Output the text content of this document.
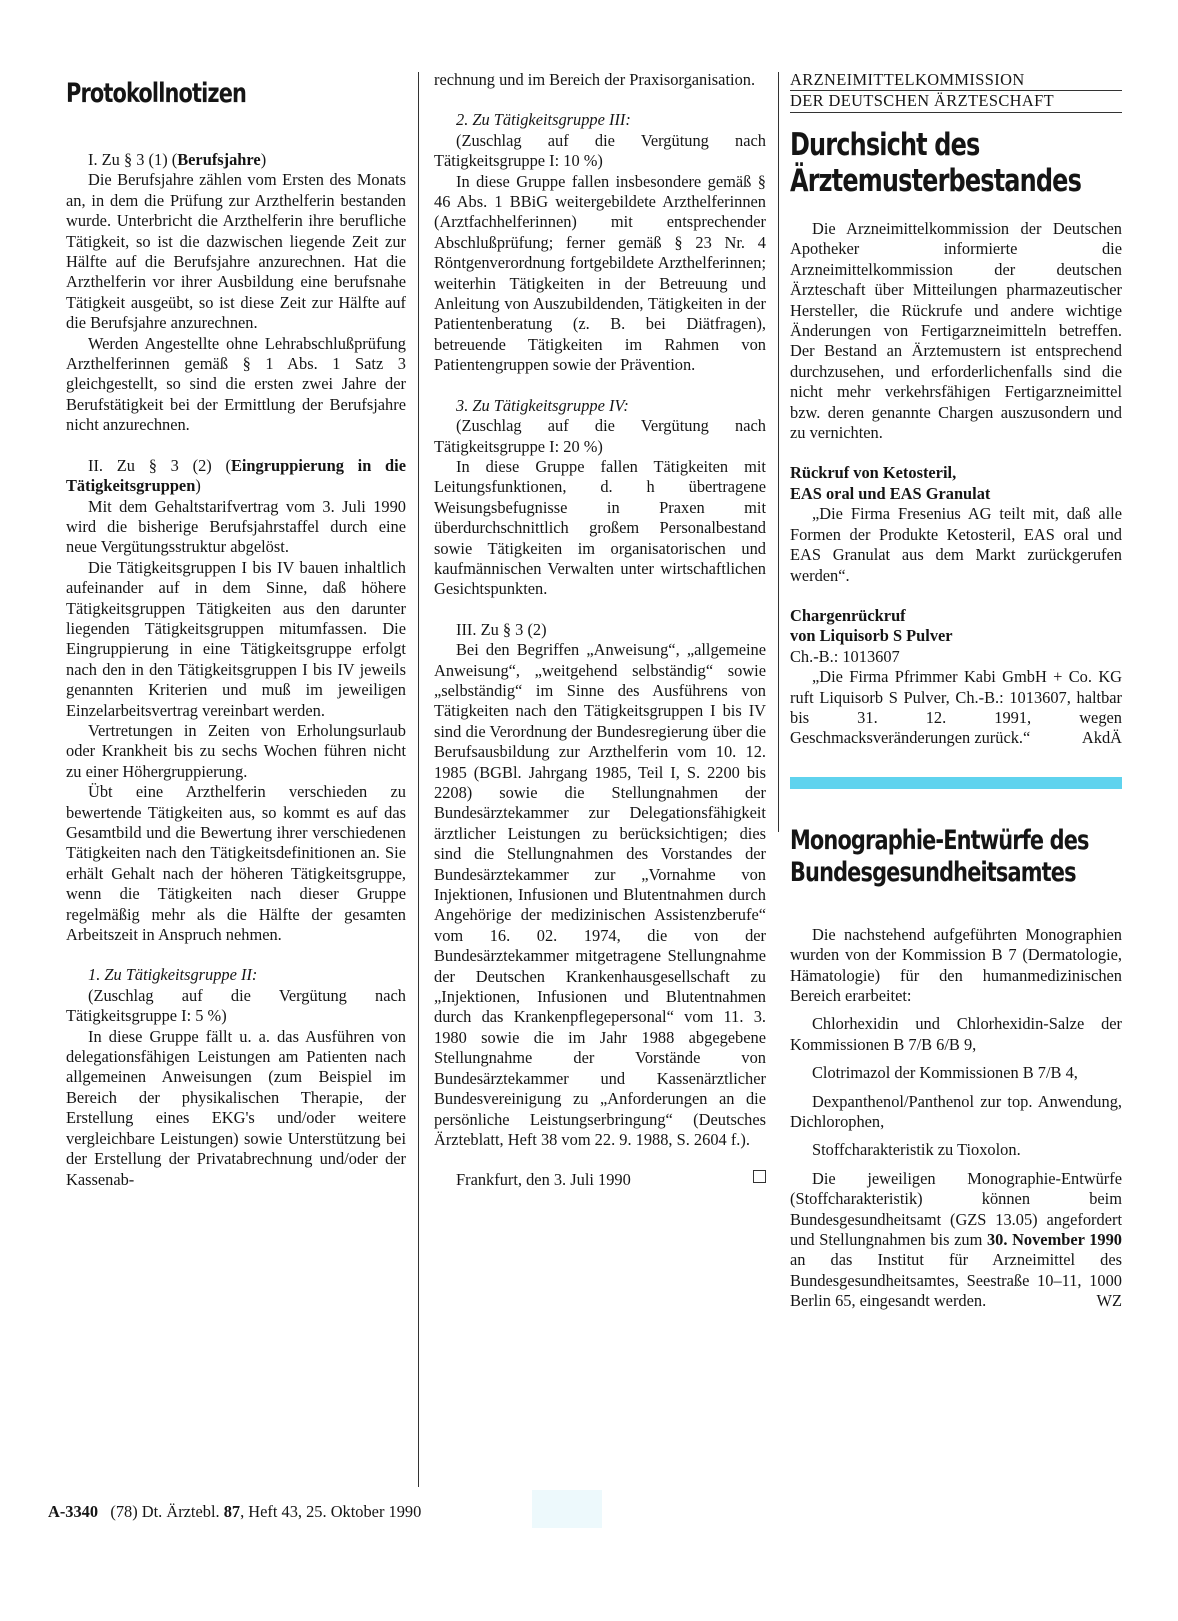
Protokollnotizen

I. Zu § 3 (1) (Berufsjahre)

Die Berufsjahre zählen vom Ersten des Monats an, in dem die Prüfung zur Arzthelferin bestanden wurde. Unterbricht die Arzthelferin ihre berufliche Tätigkeit, so ist die dazwischen liegende Zeit zur Hälfte auf die Berufsjahre anzurechnen. Hat die Arzthelferin vor ihrer Ausbildung eine berufsnahe Tätigkeit ausgeübt, so ist diese Zeit zur Hälfte auf die Berufsjahre anzurechnen.

Werden Angestellte ohne Lehrabschlußprüfung Arzthelferinnen gemäß § 1 Abs. 1 Satz 3 gleichgestellt, so sind die ersten zwei Jahre der Berufstätigkeit bei der Ermittlung der Berufsjahre nicht anzurechnen.

II. Zu § 3 (2) (Eingruppierung in die Tätigkeitsgruppen)

Mit dem Gehaltstarifvertrag vom 3. Juli 1990 wird die bisherige Berufsjahrstaffel durch eine neue Vergütungsstruktur abgelöst.

Die Tätigkeitsgruppen I bis IV bauen inhaltlich aufeinander auf in dem Sinne, daß höhere Tätigkeitsgruppen Tätigkeiten aus den darunter liegenden Tätigkeitsgruppen mitumfassen. Die Eingruppierung in eine Tätigkeitsgruppe erfolgt nach den in den Tätigkeitsgruppen I bis IV jeweils genannten Kriterien und muß im jeweiligen Einzelarbeitsvertrag vereinbart werden.

Vertretungen in Zeiten von Erholungsurlaub oder Krankheit bis zu sechs Wochen führen nicht zu einer Höhergruppierung.

Übt eine Arzthelferin verschieden zu bewertende Tätigkeiten aus, so kommt es auf das Gesamtbild und die Bewertung ihrer verschiedenen Tätigkeiten nach den Tätigkeitsdefinitionen an. Sie erhält Gehalt nach der höheren Tätigkeitsgruppe, wenn die Tätigkeiten nach dieser Gruppe regelmäßig mehr als die Hälfte der gesamten Arbeitszeit in Anspruch nehmen.

1. Zu Tätigkeitsgruppe II:

(Zuschlag auf die Vergütung nach Tätigkeitsgruppe I: 5 %)

In diese Gruppe fällt u. a. das Ausführen von delegationsfähigen Leistungen am Patienten nach allgemeinen Anweisungen (zum Beispiel im Bereich der physikalischen Therapie, der Erstellung eines EKG's und/oder weitere vergleichbare Leistungen) sowie Unterstützung bei der Erstellung der Privatabrechnung und/oder der Kassenab-

rechnung und im Bereich der Praxisorganisation.

2. Zu Tätigkeitsgruppe III:

(Zuschlag auf die Vergütung nach Tätigkeitsgruppe I: 10 %)

In diese Gruppe fallen insbesondere gemäß § 46 Abs. 1 BBiG weitergebildete Arzthelferinnen (Arztfachhelferinnen) mit entsprechender Abschlußprüfung; ferner gemäß § 23 Nr. 4 Röntgenverordnung fortgebildete Arzthelferinnen; weiterhin Tätigkeiten in der Betreuung und Anleitung von Auszubildenden, Tätigkeiten in der Patientenberatung (z. B. bei Diätfragen), betreuende Tätigkeiten im Rahmen von Patientengruppen sowie der Prävention.

3. Zu Tätigkeitsgruppe IV:

(Zuschlag auf die Vergütung nach Tätigkeitsgruppe I: 20 %)

In diese Gruppe fallen Tätigkeiten mit Leitungsfunktionen, d. h übertragene Weisungsbefugnisse in Praxen mit überdurchschnittlich großem Personalbestand sowie Tätigkeiten im organisatorischen und kaufmännischen Verwalten unter wirtschaftlichen Gesichtspunkten.

III. Zu § 3 (2)

Bei den Begriffen „Anweisung“, „allgemeine Anweisung“, „weitgehend selbständig“ sowie „selbständig“ im Sinne des Ausführens von Tätigkeiten nach den Tätigkeitsgruppen I bis IV sind die Verordnung der Bundesregierung über die Berufsausbildung zur Arzthelferin vom 10. 12. 1985 (BGBl. Jahrgang 1985, Teil I, S. 2200 bis 2208) sowie die Stellungnahmen der Bundesärztekammer zur Delegationsfähigkeit ärztlicher Leistungen zu berücksichtigen; dies sind die Stellungnahmen des Vorstandes der Bundesärztekammer zur „Vornahme von Injektionen, Infusionen und Blutentnahmen durch Angehörige der medizinischen Assistenzberufe“ vom 16. 02. 1974, die von der Bundesärztekammer mitgetragene Stellungnahme der Deutschen Krankenhausgesellschaft zu „Injektionen, Infusionen und Blutentnahmen durch das Krankenpflegepersonal“ vom 11. 3. 1980 sowie die im Jahr 1988 abgegebene Stellungnahme der Vorstände von Bundesärztekammer und Kassenärztlicher Bundesvereinigung zu „Anforderungen an die persönliche Leistungserbringung“ (Deutsches Ärzteblatt, Heft 38 vom 22. 9. 1988, S. 2604 f.).

Frankfurt, den 3. Juli 1990

ARZNEIMITTELKOMMISSION
DER DEUTSCHEN ÄRZTESCHAFT
Durchsicht des Ärztemusterbestandes

Die Arzneimittelkommission der Deutschen Apotheker informierte die Arzneimittelkommission der deutschen Ärzteschaft über Mitteilungen pharmazeutischer Hersteller, die Rückrufe und andere wichtige Änderungen von Fertigarzneimitteln betreffen. Der Bestand an Ärztemustern ist entsprechend durchzusehen, und erforderlichenfalls sind die nicht mehr verkehrsfähigen Fertigarzneimittel bzw. deren genannte Chargen auszusondern und zu vernichten.

Rückruf von Ketosteril,
EAS oral und EAS Granulat

„Die Firma Fresenius AG teilt mit, daß alle Formen der Produkte Ketosteril, EAS oral und EAS Granulat aus dem Markt zurückgerufen werden“.

Chargenrückruf
von Liquisorb S Pulver

Ch.-B.: 1013607

„Die Firma Pfrimmer Kabi GmbH + Co. KG ruft Liquisorb S Pulver, Ch.-B.: 1013607, haltbar bis 31. 12. 1991, wegen Geschmacksveränderungen zurück.“	AkdÄ

Monographie-Entwürfe des Bundesgesundheitsamtes

Die nachstehend aufgeführten Monographien wurden von der Kommission B 7 (Dermatologie, Hämatologie) für den humanmedizinischen Bereich erarbeitet:

Chlorhexidin und Chlorhexidin-Salze der Kommissionen B 7/B 6/B 9,

Clotrimazol der Kommissionen B 7/B 4,

Dexpanthenol/Panthenol zur top. Anwendung, Dichlorophen,

Stoffcharakteristik zu Tioxolon.

Die jeweiligen Monographie-Entwürfe (Stoffcharakteristik) können beim Bundesgesundheitsamt (GZS 13.05) angefordert und Stellungnahmen bis zum 30. November 1990 an das Institut für Arzneimittel des Bundesgesundheitsamtes, Seestraße 10–11, 1000 Berlin 65, eingesandt werden.	WZ

A-3340 (78) Dt. Ärztebl. 87, Heft 43, 25. Oktober 1990
